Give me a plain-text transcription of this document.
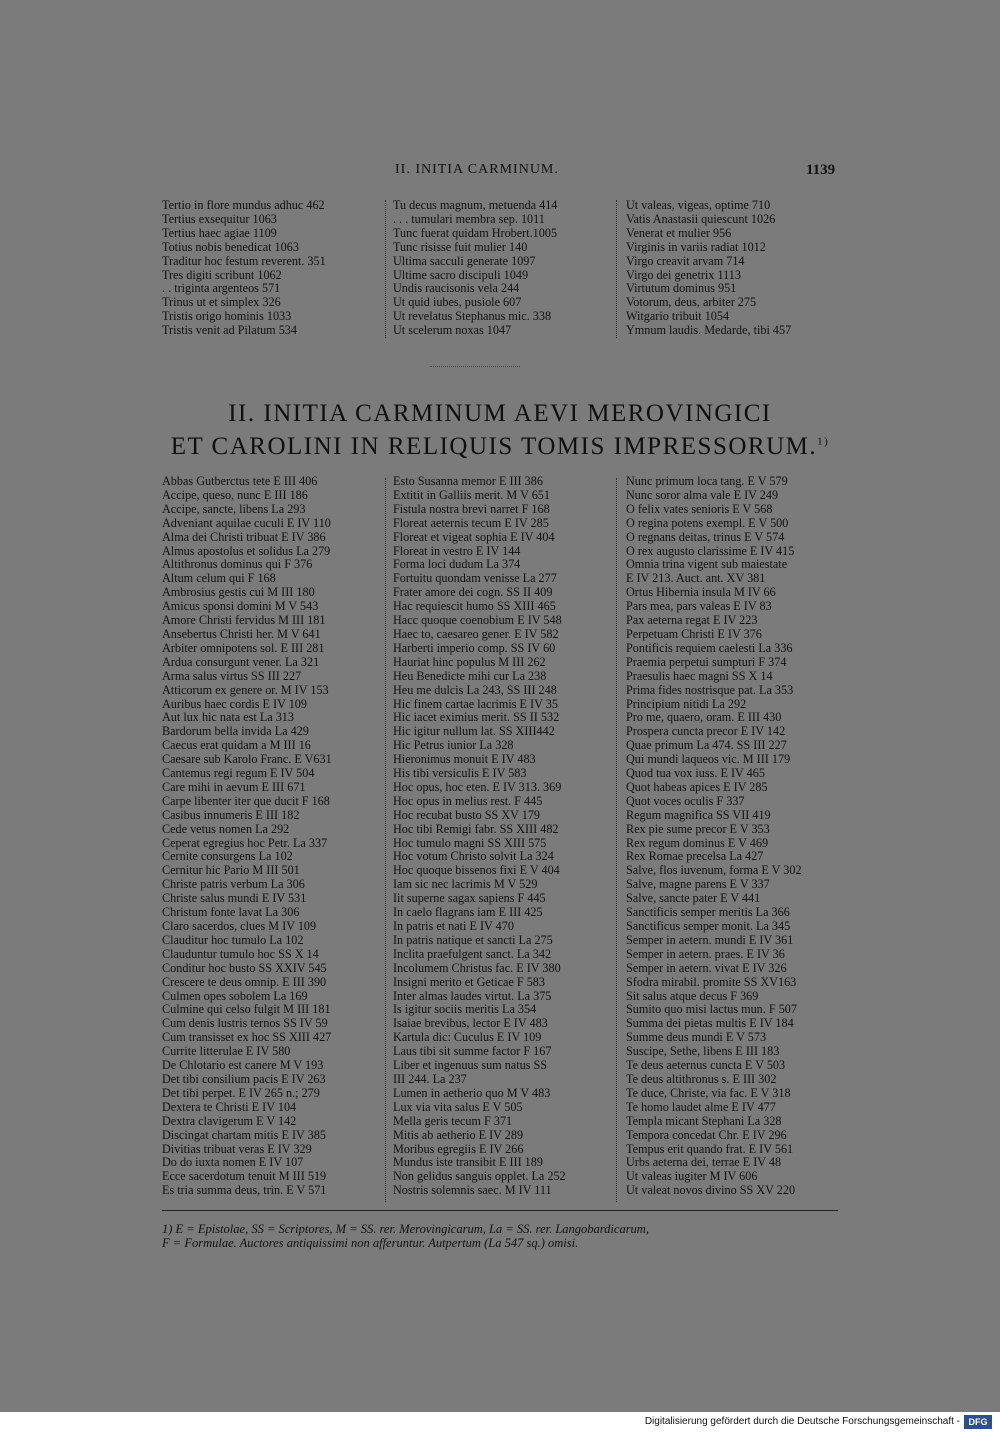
II. INITIA CARMINUM.	1139
Tertio in flore mundus adhuc 462
Tertius exsequitur 1063
Tertius haec agiae 1109
Totius nobis benedicat 1063
Traditur hoc festum reverent. 351
Tres digiti scribunt 1062
. . triginta argenteos 571
Trinus ut et simplex 326
Tristis origo hominis 1033
Tristis venit ad Pilatum 534
Tu decus magnum, metuenda 414
. . . tumulari membra sep. 1011
Tunc fuerat quidam Hrobert.1005
Tunc risisse fuit mulier 140
Ultima sacculi generate 1097
Ultime sacro discipuli 1049
Undis raucisonis vela 244
Ut quid iubes, pusiole 607
Ut revelatus Stephanus mic. 338
Ut scelerum noxas 1047
Ut valeas, vigeas, optime 710
Vatis Anastasii quiescunt 1026
Venerat et mulier 956
Virginis in variis radiat 1012
Virgo creavit arvam 714
Virgo dei genetrix 1113
Virtutum dominus 951
Votorum, deus, arbiter 275
Witgario tribuit 1054
Ymnum laudis. Medarde, tibi 457
II. INITIA CARMINUM AEVI MEROVINGICI
ET CAROLINI IN RELIQUIS TOMIS IMPRESSORUM.$^{1)}$
Abbas Gutberctus tete E III 406
Accipe, queso, nunc E III 186
Accipe, sancte, libens La 293
Adveniant aquilae cuculi E IV 110
Alma dei Christi tribuat E IV 386
Almus apostolus et solidus La 279
Altithronus dominus qui F 376
Altum celum qui F 168
Ambrosius gestis cui M III 180
Amicus sponsi domini M V 543
Amore Christi fervidus M III 181
Ansebertus Christi her. M V 641
Arbiter omnipotens sol. E III 281
Ardua consurgunt vener. La 321
Arma salus virtus SS III 227
Atticorum ex genere or. M IV 153
Auribus haec cordis E IV 109
Aut lux hic nata est La 313
Bardorum bella invida La 429
Caecus erat quidam a M III 16
Caesare sub Karolo Franc. E V631
Cantemus regi regum E IV 504
Care mihi in aevum E III 671
Carpe libenter iter que ducit F 168
Casibus innumeris E III 182
Cede vetus nomen La 292
Ceperat egregius hoc Petr. La 337
Cernite consurgens La 102
Cernitur hic Pario M III 501
Christe patris verbum La 306
Christe salus mundi E IV 531
Christum fonte lavat La 306
Claro sacerdos, clues M IV 109
Clauditur hoc tumulo La 102
Clauduntur tumulo hoc SS X 14
Conditur hoc busto SS XXIV 545
Crescere te deus omnip. E III 390
Culmen opes sobolem La 169
Culmine qui celso fulgit M III 181
Cum denis lustris ternos SS IV 59
Cum transisset ex hoc SS XIII 427
Currite litterulae E IV 580
De Chlotario est canere M V 193
Det tibi consilium pacis E IV 263
Det tibi perpet. E IV 265 n.; 279
Dextera te Christi E IV 104
Dextra clavigerum E V 142
Discingat chartam mitis E IV 385
Divitias tribuat veras E IV 329
Do do iuxta nomen E IV 107
Ecce sacerdotum tenuit M III 519
Es tria summa deus, trin. E V 571
Esto Susanna memor E III 386
Extitit in Galliis merit. M V 651
Fistula nostra brevi narret F 168
Floreat aeternis tecum E IV 285
Floreat et vigeat sophia E IV 404
Floreat in vestro E IV 144
Forma loci dudum La 374
Fortuitu quondam venisse La 277
Frater amore dei cogn. SS II 409
Hac requiescit humo SS XIII 465
Hacc quoque coenobium E IV 548
Haec to, caesareo gener. E IV 582
Harberti imperio comp. SS IV 60
Hauriat hinc populus M III 262
Heu Benedicte mihi cur La 238
Heu me dulcis La 243, SS III 248
Hic finem cartae lacrimis E IV 35
Hic iacet eximius merit. SS II 532
Hic igitur nullum lat. SS XIII442
Hic Petrus iunior La 328
Hieronimus monuit E IV 483
His tibi versiculis E IV 583
Hoc opus, hoc eten. E IV 313. 369
Hoc opus in melius rest. F 445
Hoc recubat busto SS XV 179
Hoc tibi Remigi fabr. SS XIII 482
Hoc tumulo magni SS XIII 575
Hoc votum Christo solvit La 324
Hoc quoque bissenos fixi E V 404
Iam sic nec lacrimis M V 529
Iit superne sagax sapiens F 445
In caelo flagrans iam E III 425
In patris et nati E IV 470
In patris natique et sancti La 275
Inclita praefulgent sanct. La 342
Incolumem Christus fac. E IV 380
Insigni merito et Geticae F 583
Inter almas laudes virtut. La 375
Is igitur sociis meritis La 354
Isaiae brevibus, lector E IV 483
Kartula dic: Cuculus E IV 109
Laus tibi sit summe factor F 167
Liber et ingenuus sum natus SS
III 244. La 237
Lumen in aetherio quo M V 483
Lux via vita salus E V 505
Mella geris tecum F 371
Mitis ab aetherio E IV 289
Moribus egregiis E IV 266
Mundus iste transibit E III 189
Non gelidus sanguis opplet. La 252
Nostris solemnis saec. M IV 111
Nunc primum loca tang. E V 579
Nunc soror alma vale E IV 249
O felix vates senioris E V 568
O regina potens exempl. E V 500
O regnans deitas, trinus E V 574
O rex augusto clarissime E IV 415
Omnia trina vigent sub maiestate
E IV 213. Auct. ant. XV 381
Ortus Hibernia insula M IV 66
Pars mea, pars valeas E IV 83
Pax aeterna regat E IV 223
Perpetuam Christi E IV 376
Pontificis requiem caelesti La 336
Praemia perpetui sumpturi F 374
Praesulis haec magni SS X 14
Prima fides nostrisque pat. La 353
Principium nitidi La 292
Pro me, quaero, oram. E III 430
Prospera cuncta precor E IV 142
Quae primum La 474. SS III 227
Qui mundi laqueos vic. M III 179
Quod tua vox iuss. E IV 465
Quot habeas apices E IV 285
Quot voces oculis F 337
Regum magnifica SS VII 419
Rex pie sume precor E V 353
Rex regum dominus E V 469
Rex Romae precelsa La 427
Salve, flos iuvenum, forma E V 302
Salve, magne parens E V 337
Salve, sancte pater E V 441
Sanctificis semper meritis La 366
Sanctificus semper monit. La 345
Semper in aetern. mundi E IV 361
Semper in aetern. praes. E IV 36
Semper in aetern. vivat E IV 326
Sfodra mirabil. promite SS XV163
Sit salus atque decus F 369
Sumito quo misi lactus mun. F 507
Summa dei pietas multis E IV 184
Summe deus mundi E V 573
Suscipe, Sethe, libens E III 183
Te deus aeternus cuncta E V 503
Te deus altithronus s. E III 302
Te duce, Christe, via fac. E V 318
Te homo laudet alme E IV 477
Templa micant Stephani La 328
Tempora concedat Chr. E IV 296
Tempus erit quando frat. E IV 561
Urbs aeterna dei, terrae E IV 48
Ut valeas iugiter M IV 606
Ut valeat novos divino SS XV 220
1) E = Epistolae, SS = Scriptores, M = SS. rer. Merovingicarum, La = SS. rer. Langobardicarum,
F = Formulae. Auctores antiquissimi non afferuntur. Autpertum (La 547 sq.) omisi.
Digitalisierung gefördert durch die Deutsche Forschungsgemeinschaft - DFG
